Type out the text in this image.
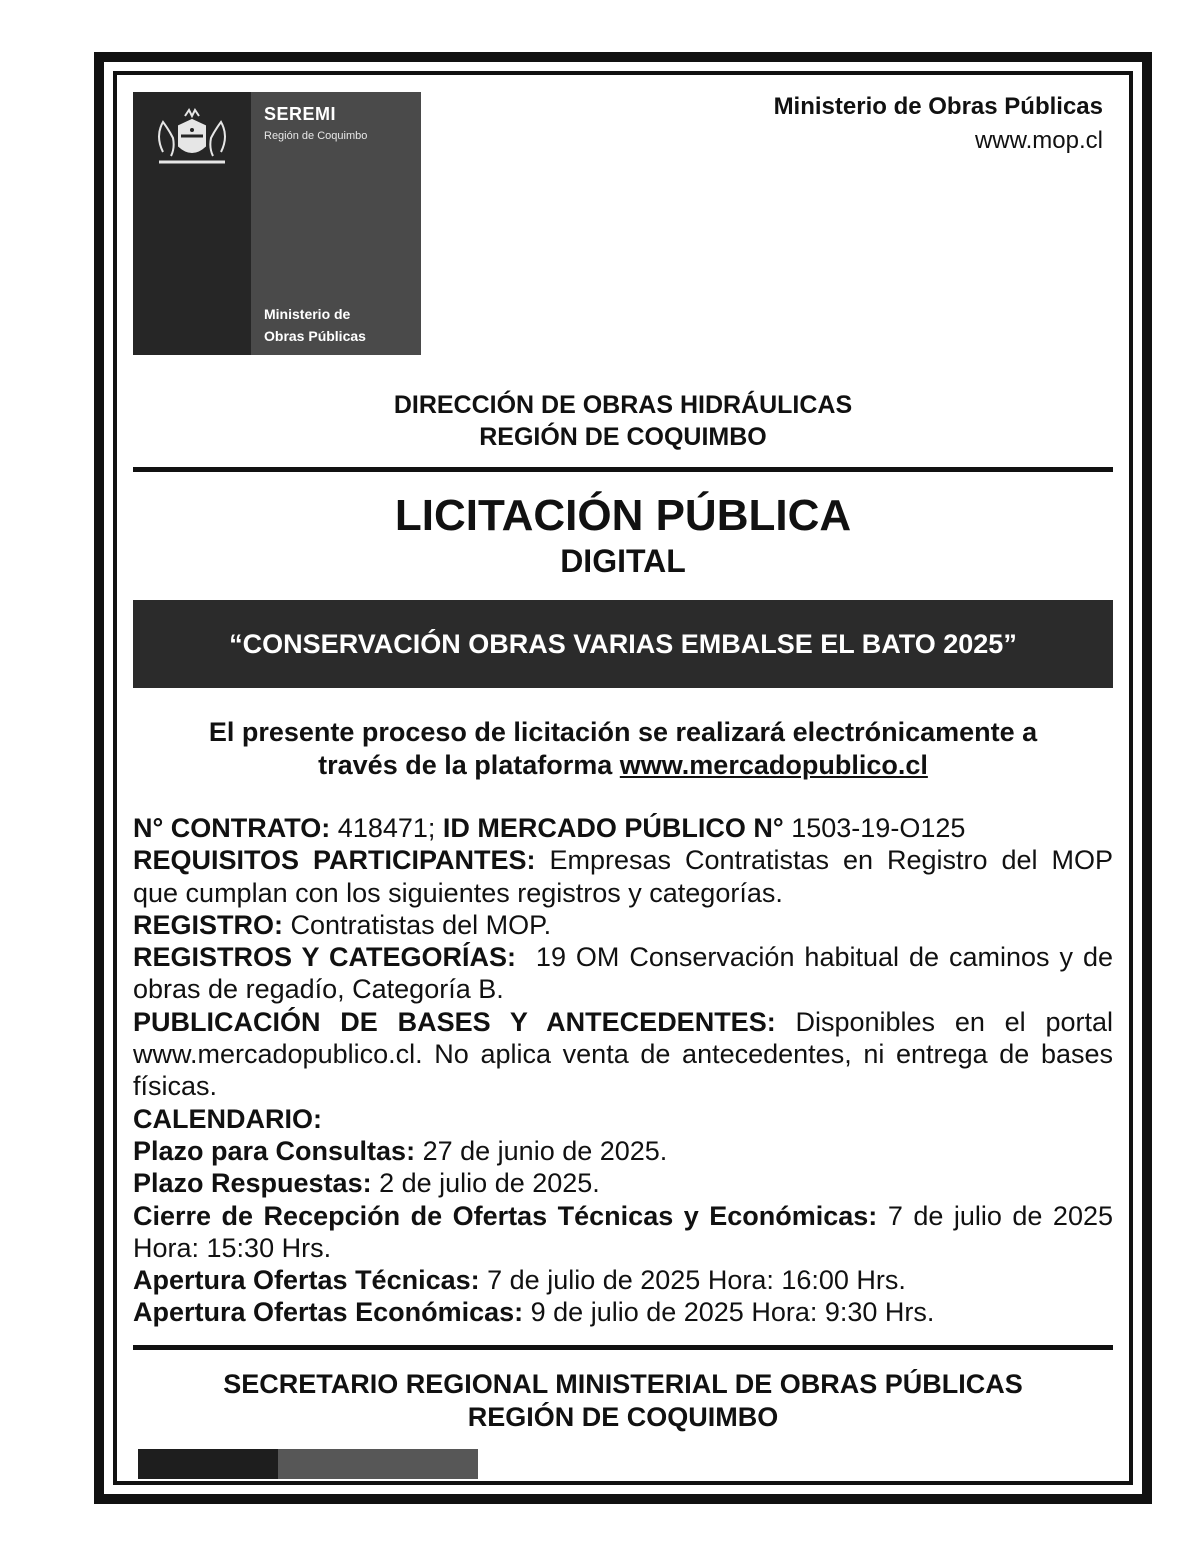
SEREMI
Región de Coquimbo
Ministerio de
Obras Públicas
Ministerio de Obras Públicas
www.mop.cl
DIRECCIÓN DE OBRAS HIDRÁULICAS
REGIÓN DE COQUIMBO
LICITACIÓN PÚBLICA
DIGITAL
“CONSERVACIÓN OBRAS VARIAS EMBALSE EL BATO 2025”
El presente proceso de licitación se realizará electrónicamente a
través de la plataforma www.mercadopublico.cl

N° CONTRATO: 418471; ID MERCADO PÚBLICO N° 1503-19-O125

REQUISITOS PARTICIPANTES: Empresas Contratistas en Registro del MOP que cumplan con los siguientes registros y categorías.

REGISTRO: Contratistas del MOP.

REGISTROS Y CATEGORÍAS: 19 OM Conservación habitual de caminos y de obras de regadío, Categoría B.

PUBLICACIÓN DE BASES Y ANTECEDENTES: Disponibles en el portal www.mercadopublico.cl. No aplica venta de antecedentes, ni entrega de bases físicas.

CALENDARIO:

Plazo para Consultas: 27 de junio de 2025.

Plazo Respuestas: 2 de julio de 2025.

Cierre de Recepción de Ofertas Técnicas y Económicas: 7 de julio de 2025 Hora: 15:30 Hrs.

Apertura Ofertas Técnicas: 7 de julio de 2025 Hora: 16:00 Hrs.

Apertura Ofertas Económicas: 9 de julio de 2025 Hora: 9:30 Hrs.

SECRETARIO REGIONAL MINISTERIAL DE OBRAS PÚBLICAS
REGIÓN DE COQUIMBO
